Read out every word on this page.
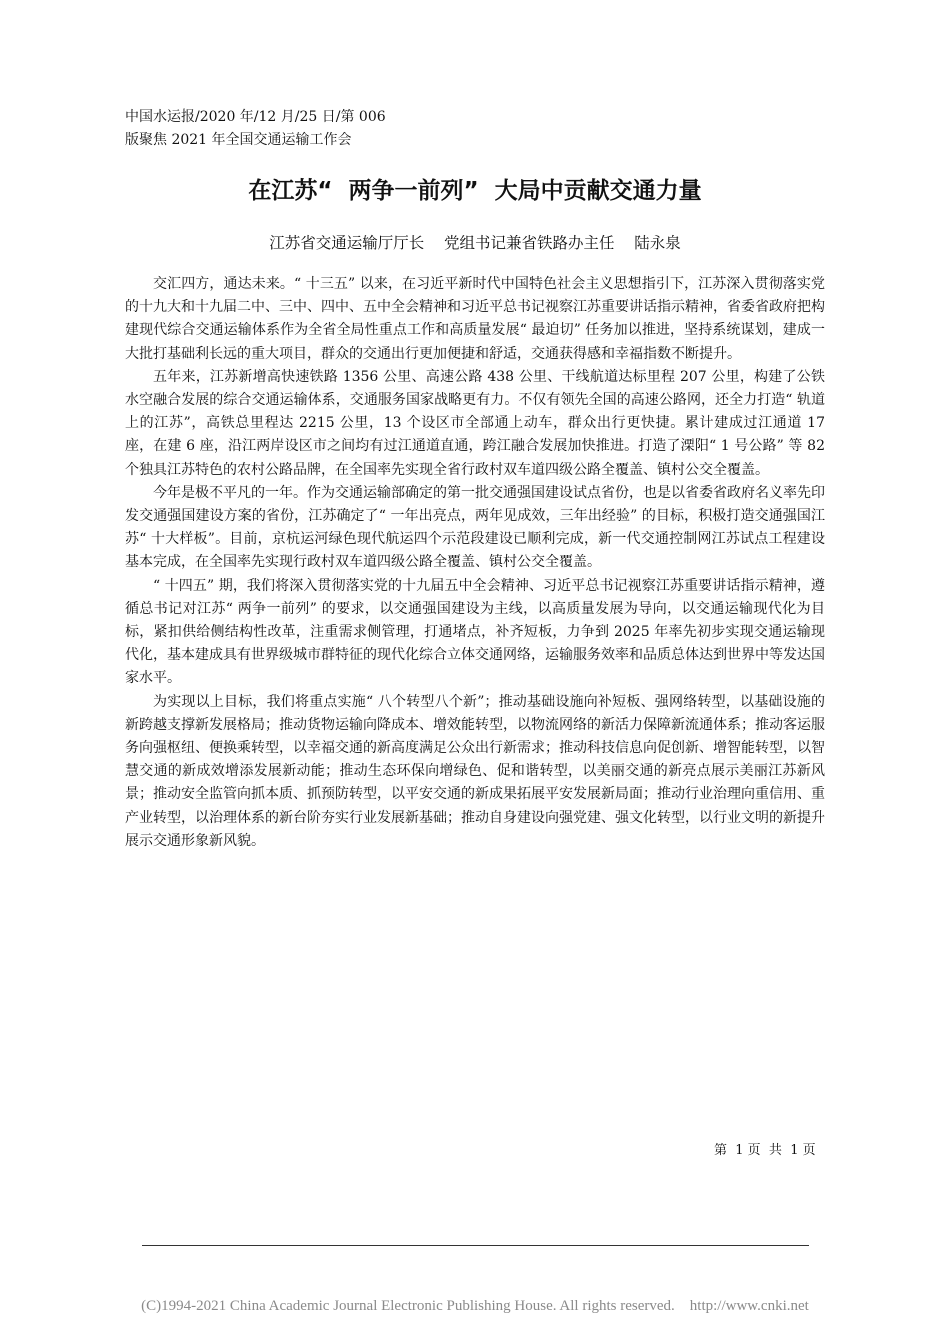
中国水运报/2020 年/12 月/25 日/第 006
版聚焦 2021 年全国交通运输工作会
在江苏“  两争一前列”  大局中贡献交通力量
江苏省交通运输厅厅长    党组书记兼省铁路办主任    陆永泉

交汇四方，通达未来。“ 十三五” 以来，在习近平新时代中国特色社会主义思想指引下，江苏深入贯彻落实党的十九大和十九届二中、三中、四中、五中全会精神和习近平总书记视察江苏重要讲话指示精神，省委省政府把构建现代综合交通运输体系作为全省全局性重点工作和高质量发展“ 最迫切” 任务加以推进，坚持系统谋划，建成一大批打基础利长远的重大项目，群众的交通出行更加便捷和舒适，交通获得感和幸福指数不断提升。

五年来，江苏新增高快速铁路 1356 公里、高速公路 438 公里、干线航道达标里程 207 公里，构建了公铁水空融合发展的综合交通运输体系，交通服务国家战略更有力。不仅有领先全国的高速公路网，还全力打造“ 轨道上的江苏”，高铁总里程达 2215 公里，13 个设区市全部通上动车，群众出行更快捷。累计建成过江通道 17 座，在建 6 座，沿江两岸设区市之间均有过江通道直通，跨江融合发展加快推进。打造了溧阳“ 1 号公路” 等 82 个独具江苏特色的农村公路品牌，在全国率先实现全省行政村双车道四级公路全覆盖、镇村公交全覆盖。

今年是极不平凡的一年。作为交通运输部确定的第一批交通强国建设试点省份，也是以省委省政府名义率先印发交通强国建设方案的省份，江苏确定了“ 一年出亮点，两年见成效，三年出经验” 的目标，积极打造交通强国江苏“ 十大样板”。目前，京杭运河绿色现代航运四个示范段建设已顺利完成，新一代交通控制网江苏试点工程建设基本完成，在全国率先实现行政村双车道四级公路全覆盖、镇村公交全覆盖。

“ 十四五” 期，我们将深入贯彻落实党的十九届五中全会精神、习近平总书记视察江苏重要讲话指示精神，遵循总书记对江苏“ 两争一前列” 的要求，以交通强国建设为主线，以高质量发展为导向，以交通运输现代化为目标，紧扣供给侧结构性改革，注重需求侧管理，打通堵点，补齐短板，力争到 2025 年率先初步实现交通运输现代化，基本建成具有世界级城市群特征的现代化综合立体交通网络，运输服务效率和品质总体达到世界中等发达国家水平。

为实现以上目标，我们将重点实施“ 八个转型八个新”；推动基础设施向补短板、强网络转型，以基础设施的新跨越支撑新发展格局；推动货物运输向降成本、增效能转型，以物流网络的新活力保障新流通体系；推动客运服务向强枢纽、便换乘转型，以幸福交通的新高度满足公众出行新需求；推动科技信息向促创新、增智能转型，以智慧交通的新成效增添发展新动能；推动生态环保向增绿色、促和谐转型，以美丽交通的新亮点展示美丽江苏新风景；推动安全监管向抓本质、抓预防转型，以平安交通的新成果拓展平安发展新局面；推动行业治理向重信用、重产业转型，以治理体系的新台阶夯实行业发展新基础；推动自身建设向强党建、强文化转型，以行业文明的新提升展示交通形象新风貌。

第  1 页  共  1 页
(C)1994-2021 China Academic Journal Electronic Publishing House. All rights reserved.    http://www.cnki.net
